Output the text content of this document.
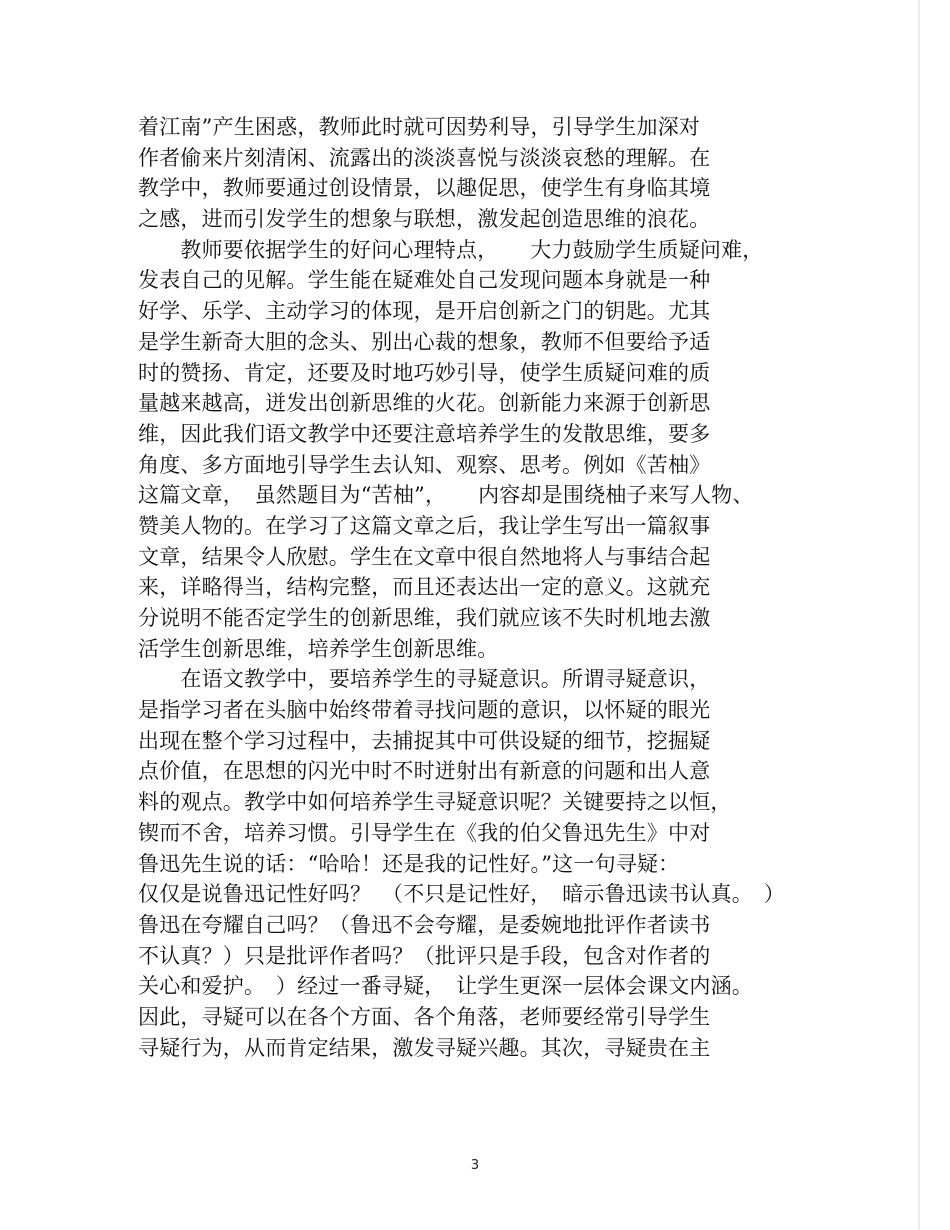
着江南”产生困惑，教师此时就可因势利导，引导学生加深对
作者偷来片刻清闲、流露出的淡淡喜悦与淡淡哀愁的理解。在
教学中，教师要通过创设情景，以趣促思，使学生有身临其境
之感，进而引发学生的想象与联想，激发起创造思维的浪花。
　　教师要依据学生的好问心理特点，　　大力鼓励学生质疑问难，
发表自己的见解。学生能在疑难处自己发现问题本身就是一种
好学、乐学、主动学习的体现，是开启创新之门的钥匙。尤其
是学生新奇大胆的念头、别出心裁的想象，教师不但要给予适
时的赞扬、肯定，还要及时地巧妙引导，使学生质疑问难的质
量越来越高，迸发出创新思维的火花。创新能力来源于创新思
维，因此我们语文教学中还要注意培养学生的发散思维，要多
角度、多方面地引导学生去认知、观察、思考。例如《苦柚》
这篇文章，　虽然题目为“苦柚”，　　内容却是围绕柚子来写人物、
赞美人物的。在学习了这篇文章之后，我让学生写出一篇叙事
文章，结果令人欣慰。学生在文章中很自然地将人与事结合起
来，详略得当，结构完整，而且还表达出一定的意义。这就充
分说明不能否定学生的创新思维，我们就应该不失时机地去激
活学生创新思维，培养学生创新思维。
　　在语文教学中，要培养学生的寻疑意识。所谓寻疑意识，
是指学习者在头脑中始终带着寻找问题的意识，以怀疑的眼光
出现在整个学习过程中，去捕捉其中可供设疑的细节，挖掘疑
点价值，在思想的闪光中时不时迸射出有新意的问题和出人意
料的观点。教学中如何培养学生寻疑意识呢？关键要持之以恒，
锲而不舍，培养习惯。引导学生在《我的伯父鲁迅先生》中对
鲁迅先生说的话：“哈哈！还是我的记性好。”这一句寻疑：
仅仅是说鲁迅记性好吗？　（不只是记性好，　暗示鲁迅读书认真。　）
鲁迅在夸耀自己吗？（鲁迅不会夸耀，是委婉地批评作者读书
不认真？）只是批评作者吗？（批评只是手段，包含对作者的
关心和爱护。　）经过一番寻疑，　让学生更深一层体会课文内涵。
因此，寻疑可以在各个方面、各个角落，老师要经常引导学生
寻疑行为，从而肯定结果，激发寻疑兴趣。其次，寻疑贵在主
3
